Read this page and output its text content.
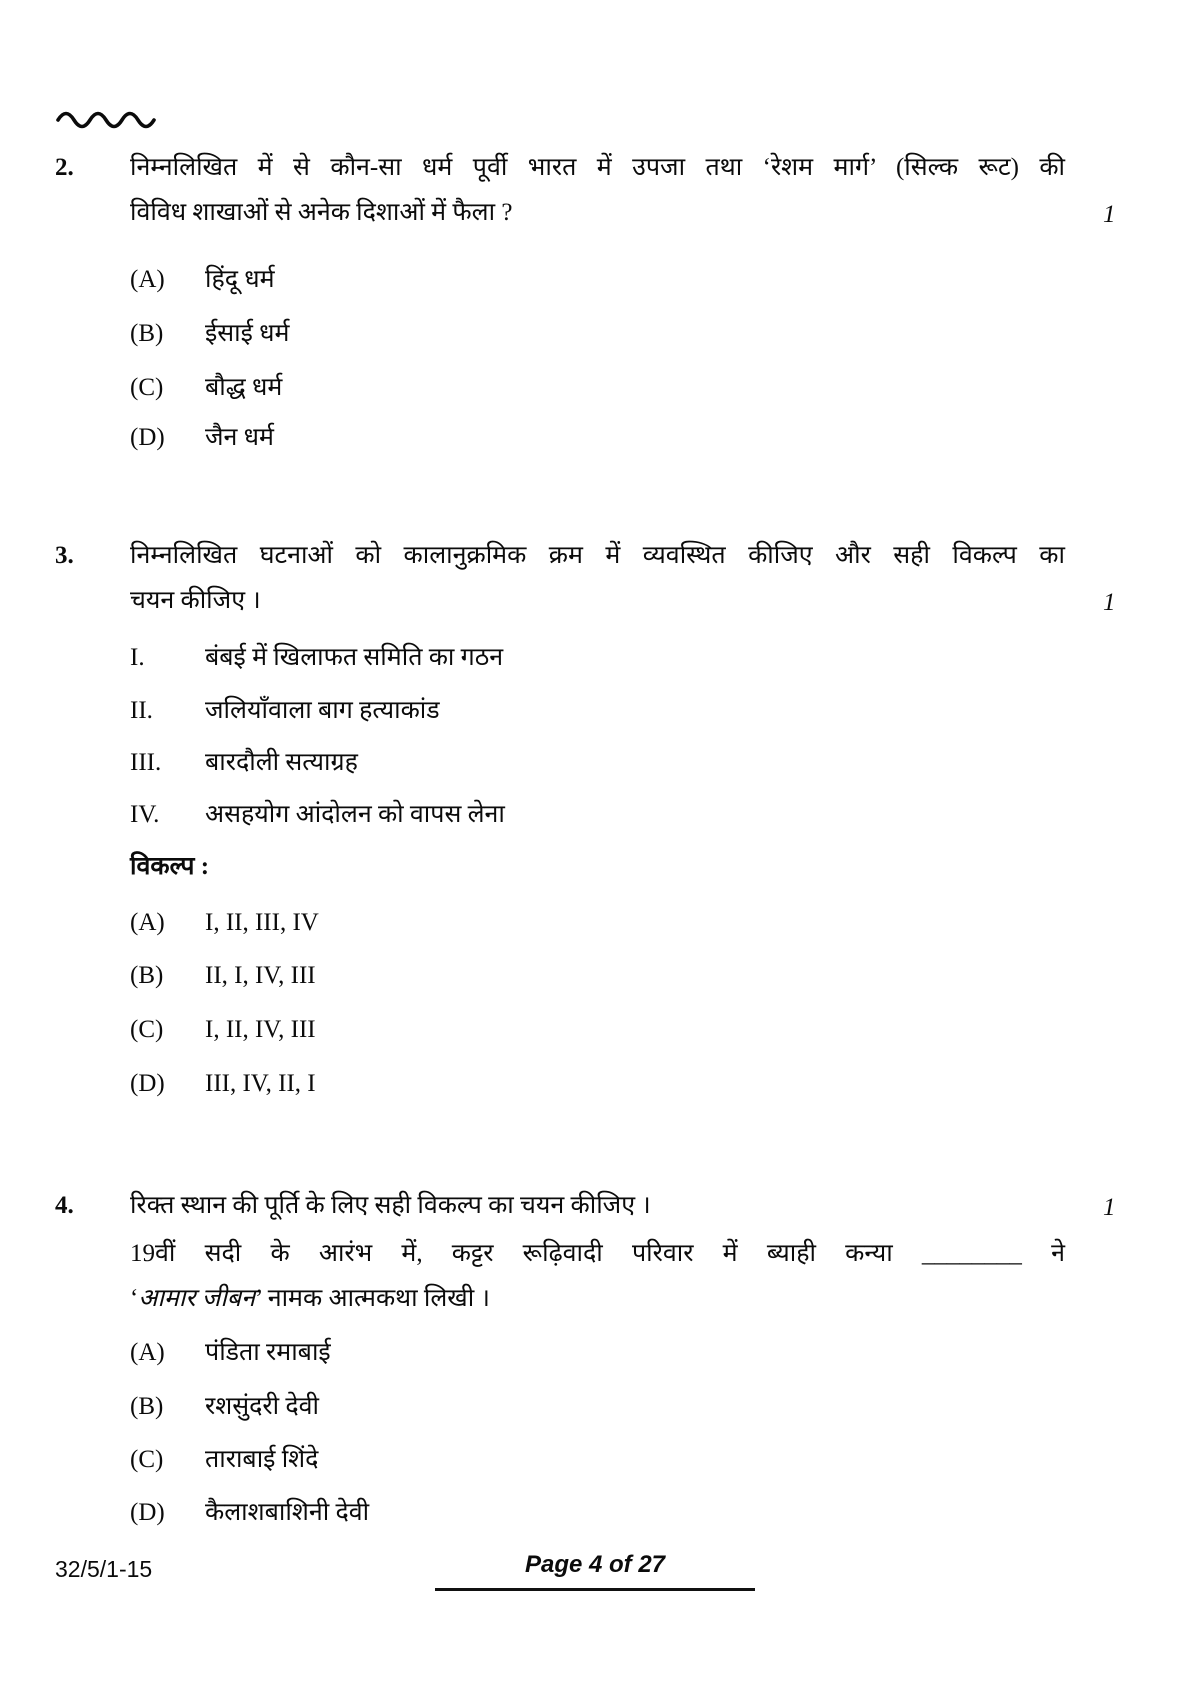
2. निम्नलिखित में से कौन-सा धर्म पूर्वी भारत में उपजा तथा ‘रेशम मार्ग’ (सिल्क रूट) की
विविध शाखाओं से अनेक दिशाओं में फैला ?	1
(A) हिंदू धर्म
(B) ईसाई धर्म
(C) बौद्ध धर्म
(D) जैन धर्म
3. निम्नलिखित घटनाओं को कालानुक्रमिक क्रम में व्यवस्थित कीजिए और सही विकल्प का
चयन कीजिए ।	1
I. बंबई में खिलाफत समिति का गठन
II. जलियाँवाला बाग हत्याकांड
III. बारदौली सत्याग्रह
IV. असहयोग आंदोलन को वापस लेना
विकल्प :
(A) I, II, III, IV
(B) II, I, IV, III
(C) I, II, IV, III
(D) III, IV, II, I
4. रिक्त स्थान की पूर्ति के लिए सही विकल्प का चयन कीजिए ।	1
19वीं सदी के आरंभ में, कट्टर रूढ़िवादी परिवार में ब्याही कन्या ________ ने
‘आमार जीबन’ नामक आत्मकथा लिखी ।
(A) पंडिता रमाबाई
(B) रशसुंदरी देवी
(C) ताराबाई शिंदे
(D) कैलाशबाशिनी देवी
32/5/1-15	Page 4 of 27
